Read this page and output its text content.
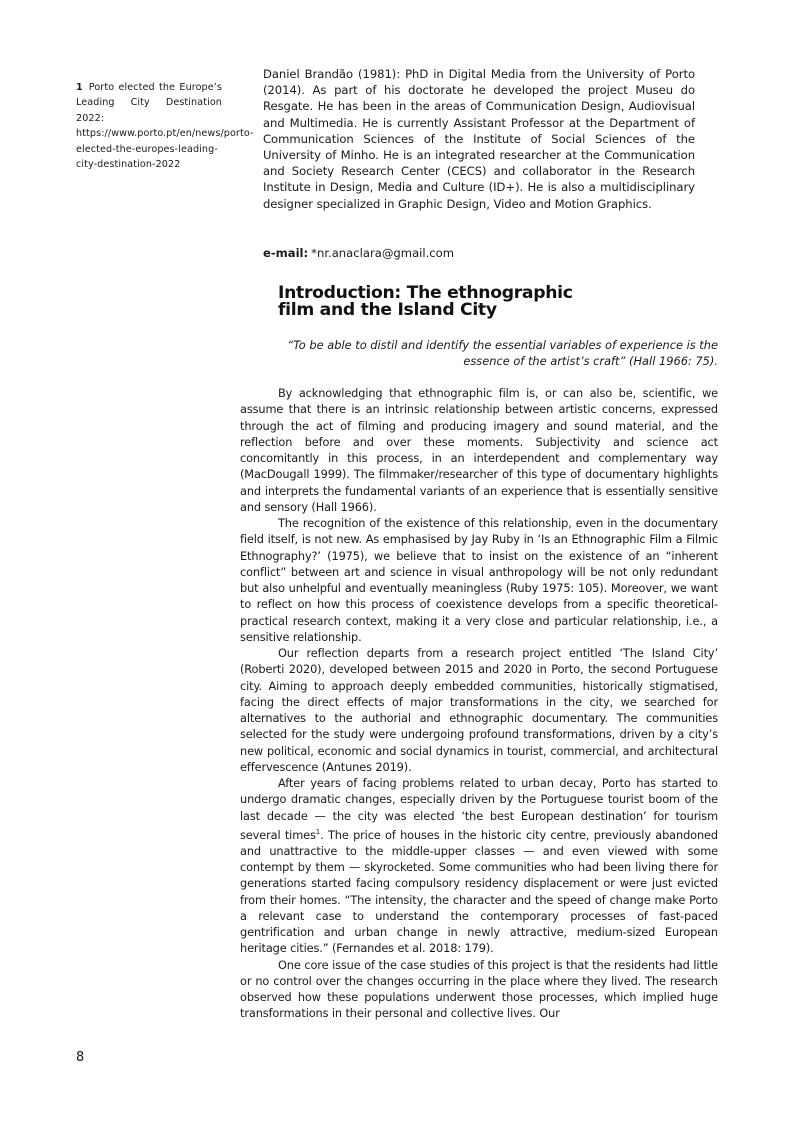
1 Porto elected the Europe’s Leading City Destination 2022: https://www.porto.pt/en/news/porto-elected-the-europes-leading-city-destination-2022
Daniel Brandão (1981): PhD in Digital Media from the University of Porto (2014). As part of his doctorate he developed the project Museu do Resgate. He has been in the areas of Communication Design, Audiovisual and Multimedia. He is currently Assistant Professor at the Department of Communication Sciences of the Institute of Social Sciences of the University of Minho. He is an integrated researcher at the Communication and Society Research Center (CECS) and collaborator in the Research Institute in Design, Media and Culture (ID+). He is also a multidisciplinary designer specialized in Graphic Design, Video and Motion Graphics.
e-mail: *nr.anaclara@gmail.com
Introduction: The ethnographic
film and the Island City

“To be able to distil and identify the essential variables of experience is the
essence of the artist’s craft” (Hall 1966: 75).

By acknowledging that ethnographic film is, or can also be, scientific, we assume that there is an intrinsic relationship between artistic concerns, expressed through the act of filming and producing imagery and sound material, and the reflection before and over these moments. Subjectivity and science act concomitantly in this process, in an interdependent and complementary way (MacDougall 1999). The filmmaker/researcher of this type of documentary highlights and interprets the fundamental variants of an experience that is essentially sensitive and sensory (Hall 1966).

The recognition of the existence of this relationship, even in the documentary field itself, is not new. As emphasised by Jay Ruby in ‘Is an Ethnographic Film a Filmic Ethnography?’ (1975), we believe that to insist on the existence of an “inherent conflict” between art and science in visual anthropology will be not only redundant but also unhelpful and eventually meaningless (Ruby 1975: 105). Moreover, we want to reflect on how this process of coexistence develops from a specific theoretical-practical research context, making it a very close and particular relationship, i.e., a sensitive relationship.

Our reflection departs from a research project entitled ‘The Island City’ (Roberti 2020), developed between 2015 and 2020 in Porto, the second Portuguese city. Aiming to approach deeply embedded communities, historically stigmatised, facing the direct effects of major transformations in the city, we searched for alternatives to the authorial and ethnographic documentary. The communities selected for the study were undergoing profound transformations, driven by a city’s new political, economic and social dynamics in tourist, commercial, and architectural effervescence (Antunes 2019).

After years of facing problems related to urban decay, Porto has started to undergo dramatic changes, especially driven by the Portuguese tourist boom of the last decade — the city was elected ‘the best European destination’ for tourism several times$^1$. The price of houses in the historic city centre, previously abandoned and unattractive to the middle-upper classes — and even viewed with some contempt by them — skyrocketed. Some communities who had been living there for generations started facing compulsory residency displacement or were just evicted from their homes. “The intensity, the character and the speed of change make Porto a relevant case to understand the contemporary processes of fast-paced gentrification and urban change in newly attractive, medium-sized European heritage cities.” (Fernandes et al. 2018: 179).

One core issue of the case studies of this project is that the residents had little or no control over the changes occurring in the place where they lived. The research observed how these populations underwent those processes, which implied huge transformations in their personal and collective lives. Our

8
